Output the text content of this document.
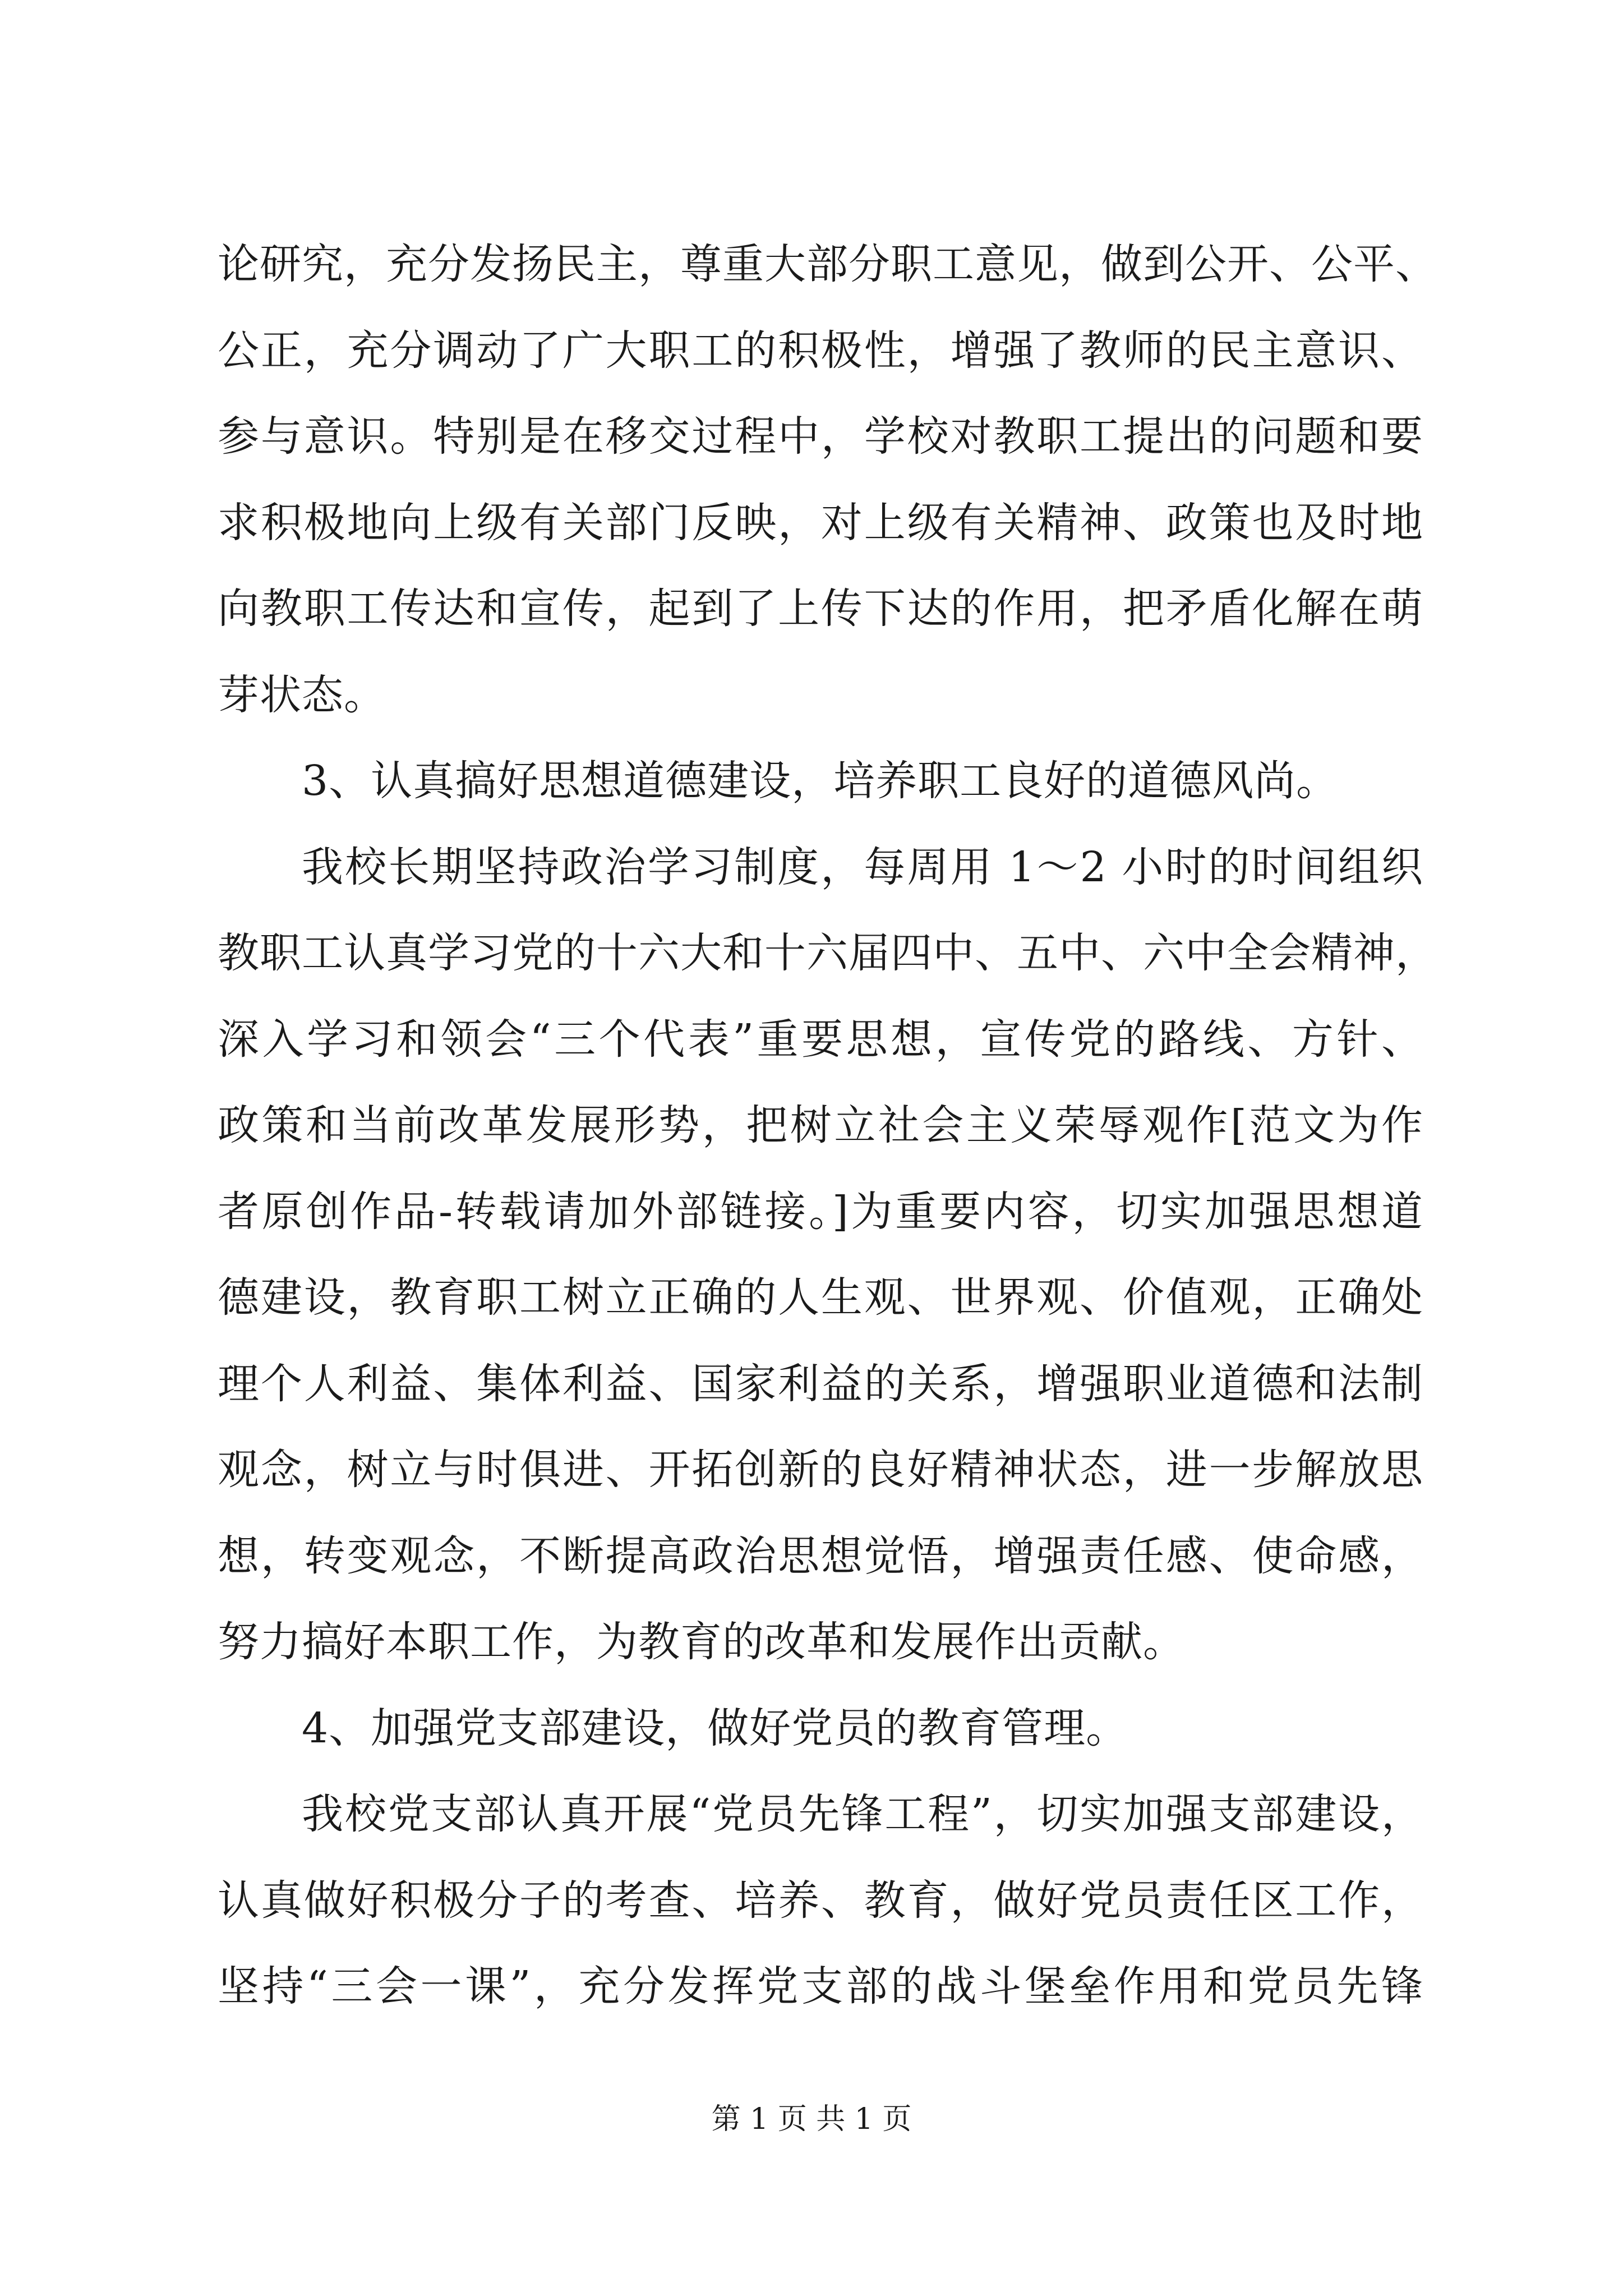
论研究，充分发扬民主，尊重大部分职工意见，做到公开、公平、
公正，充分调动了广大职工的积极性，增强了教师的民主意识、
参与意识。特别是在移交过程中，学校对教职工提出的问题和要
求积极地向上级有关部门反映，对上级有关精神、政策也及时地
向教职工传达和宣传，起到了上传下达的作用，把矛盾化解在萌
芽状态。
3、认真搞好思想道德建设，培养职工良好的道德风尚。
我校长期坚持政治学习制度，每周用 1～2 小时的时间组织
教职工认真学习党的十六大和十六届四中、五中、六中全会精神，
深入学习和领会“三个代表”重要思想，宣传党的路线、方针、
政策和当前改革发展形势，把树立社会主义荣辱观作[范文为作
者原创作品-转载请加外部链接。]为重要内容，切实加强思想道
德建设，教育职工树立正确的人生观、世界观、价值观，正确处
理个人利益、集体利益、国家利益的关系，增强职业道德和法制
观念，树立与时俱进、开拓创新的良好精神状态，进一步解放思
想，转变观念，不断提高政治思想觉悟，增强责任感、使命感，
努力搞好本职工作，为教育的改革和发展作出贡献。
4、加强党支部建设，做好党员的教育管理。
我校党支部认真开展“党员先锋工程”，切实加强支部建设，
认真做好积极分子的考查、培养、教育，做好党员责任区工作，
坚持“三会一课”，充分发挥党支部的战斗堡垒作用和党员先锋
第 1 页 共 1 页
